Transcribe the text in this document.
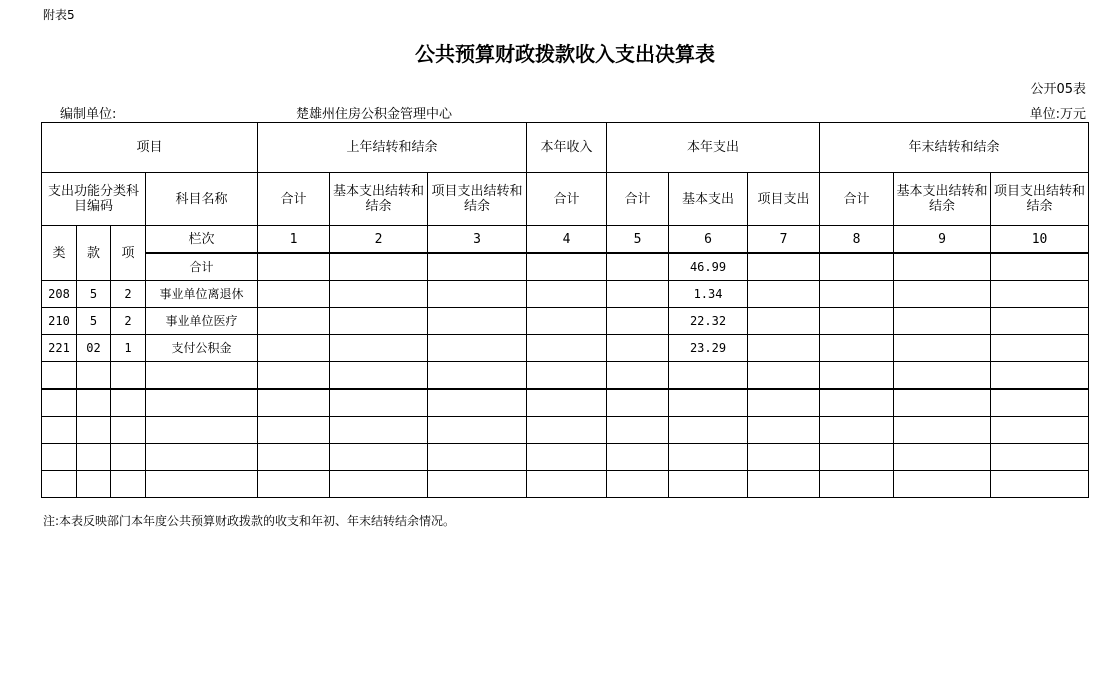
附表5
公共预算财政拨款收入支出决算表
公开05表
编制单位:	楚雄州住房公积金管理中心	单位:万元
项目				上年结转和结余			本年收入	本年支出			年末结转和结余		
支出功能分类科目编码			科目名称	合计	基本支出结转和结余	项目支出结转和结余	合计	合计	基本支出	项目支出	合计	基本支出结转和结余	项目支出结转和结余
类	款	项	栏次	1	2	3	4	5	6	7	8	9	10
			合计						46.99				
208	5	2	事业单位离退休						1.34				
210	5	2	事业单位医疗						22.32				
221	02	1	支付公积金						23.29				

注:本表反映部门本年度公共预算财政拨款的收支和年初、年末结转结余情况。
